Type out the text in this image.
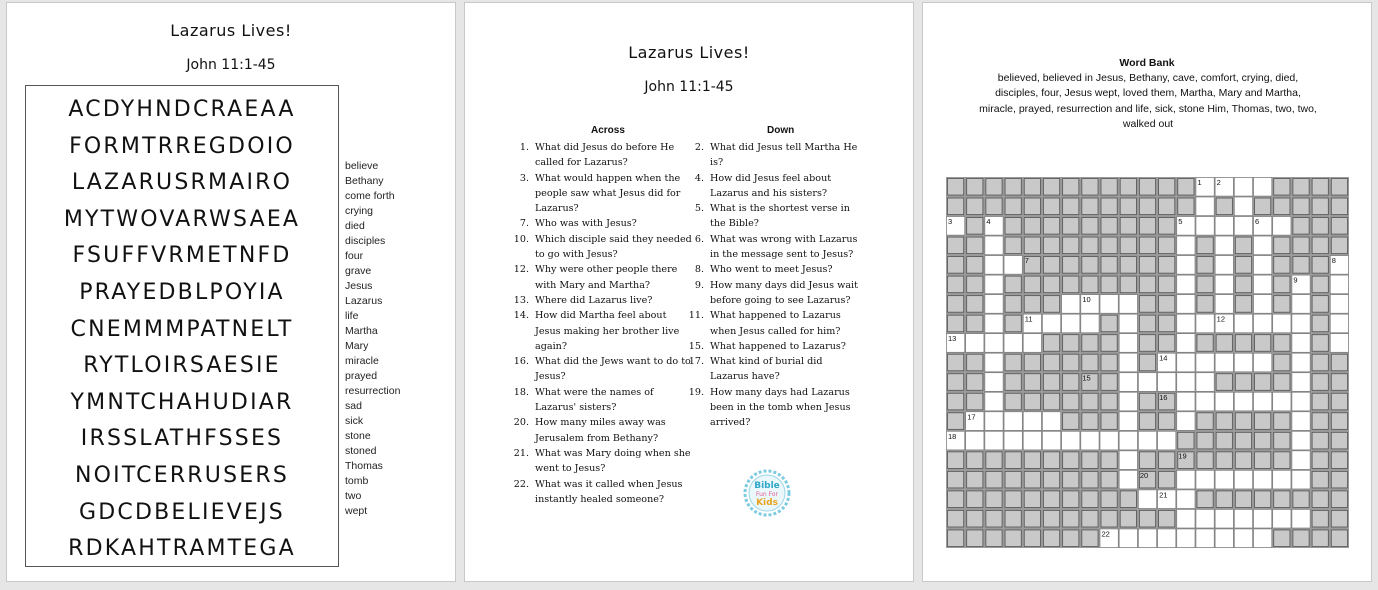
Lazarus Lives!
John 11:1-45
ACDYHNDCRAEAA
FORMTRREGDOIO
LAZARUSRMAIRO
MYTWOVARWSAEA
FSUFFVRMETNFD
PRAYEDBLPOYIA
CNEMMMPATNELT
RYTLOIRSAESIE
YMNTCHAHUDIAR
IRSSLATHFSSES
NOITCERRUSERS
GDCDBELIEVEJS
RDKAHTRAMTEGA
believe
Bethany
come forth
crying
died
disciples
four
grave
Jesus
Lazarus
life
Martha
Mary
miracle
prayed
resurrection
sad
sick
stone
stoned
Thomas
tomb
two
wept
Lazarus Lives!
John 11:1-45
Across	Down
1. What did Jesus do before He called for Lazarus?
3. What would happen when the people saw what Jesus did for Lazarus?
7. Who was with Jesus?
10. Which disciple said they needed to go with Jesus?
12. Why were other people there with Mary and Martha?
13. Where did Lazarus live?
14. How did Martha feel about Jesus making her brother live again?
16. What did the Jews want to do to Jesus?
18. What were the names of Lazarus' sisters?
20. How many miles away was Jerusalem from Bethany?
21. What was Mary doing when she went to Jesus?
22. What was it called when Jesus instantly healed someone?
2. What did Jesus tell Martha He is?
4. How did Jesus feel about Lazarus and his sisters?
5. What is the shortest verse in the Bible?
6. What was wrong with Lazarus in the message sent to Jesus?
8. Who went to meet Jesus?
9. How many days did Jesus wait before going to see Lazarus?
11. What happened to Lazarus when Jesus called for him?
15. What happened to Lazarus?
17. What kind of burial did Lazarus have?
19. How many days had Lazarus been in the tomb when Jesus arrived?
Bible
Fun For
Kids
Word Bank
believed, believed in Jesus, Bethany, cave, comfort, crying, died, disciples, four, Jesus wept, loved them, Martha, Mary and Martha, miracle, prayed, resurrection and life, sick, stone Him, Thomas, two, two, walked out
1 2
3	4	5	6
7	8
9
10
11	12
13
14
15
16
17
18
19
20
21
22
